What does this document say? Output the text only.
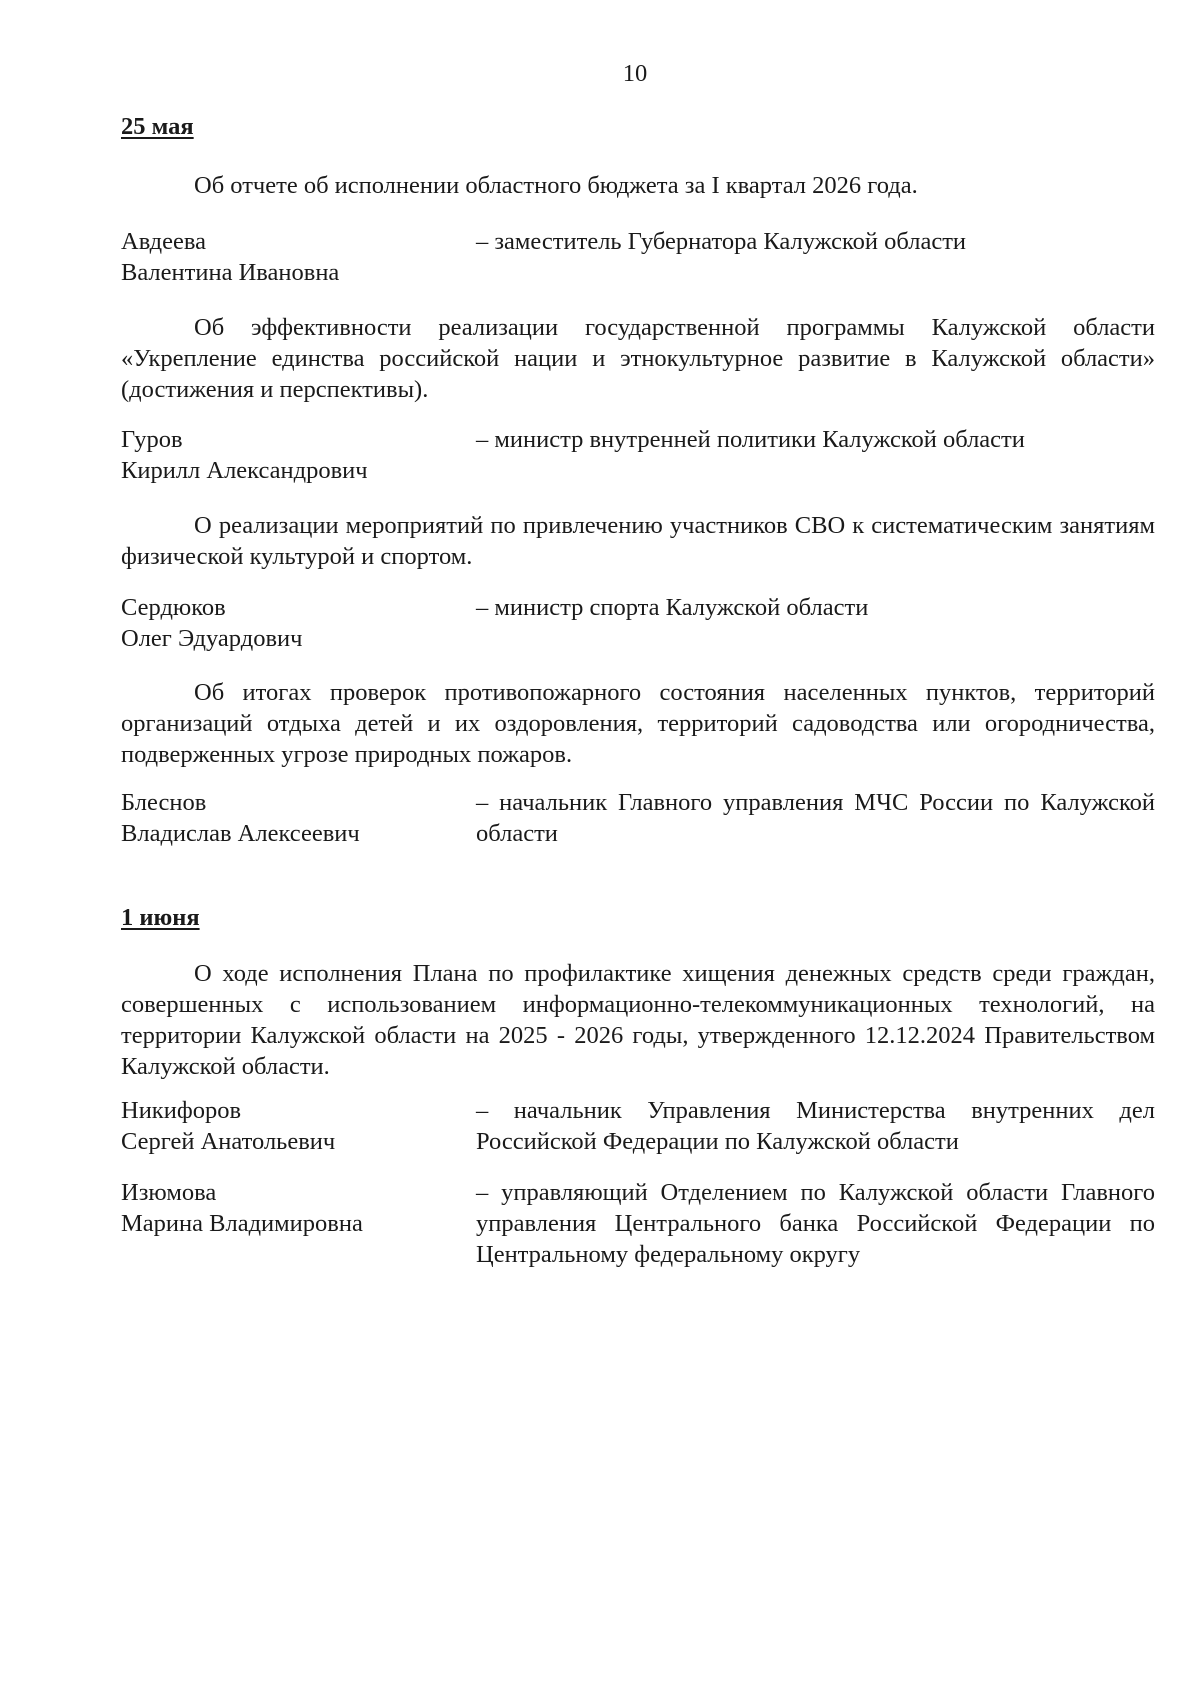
10
25 мая

Об отчете об исполнении областного бюджета за I квартал 2026 года.

Авдеева
Валентина Ивановна
– заместитель Губернатора Калужской области

Об эффективности реализации государственной программы Калужской области «Укрепление единства российской нации и этнокультурное развитие в Калужской области» (достижения и перспективы).

Гуров
Кирилл Александрович
– министр внутренней политики Калужской области

О реализации мероприятий по привлечению участников СВО к систематическим занятиям физической культурой и спортом.

Сердюков
Олег Эдуардович
– министр спорта Калужской области

Об итогах проверок противопожарного состояния населенных пунктов, территорий организаций отдыха детей и их оздоровления, территорий садоводства или огородничества, подверженных угрозе природных пожаров.

Блеснов
Владислав Алексеевич
– начальник Главного управления МЧС России по Калужской области
1 июня

О ходе исполнения Плана по профилактике хищения денежных средств среди граждан, совершенных с использованием информационно-телекоммуникационных технологий, на территории Калужской области на 2025 - 2026 годы, утвержденного 12.12.2024 Правительством Калужской области.

Никифоров
Сергей Анатольевич
– начальник Управления Министерства внутренних дел Российской Федерации по Калужской области
Изюмова
Марина Владимировна
– управляющий Отделением по Калужской области Главного управления Центрального банка Российской Федерации по Центральному федеральному округу
